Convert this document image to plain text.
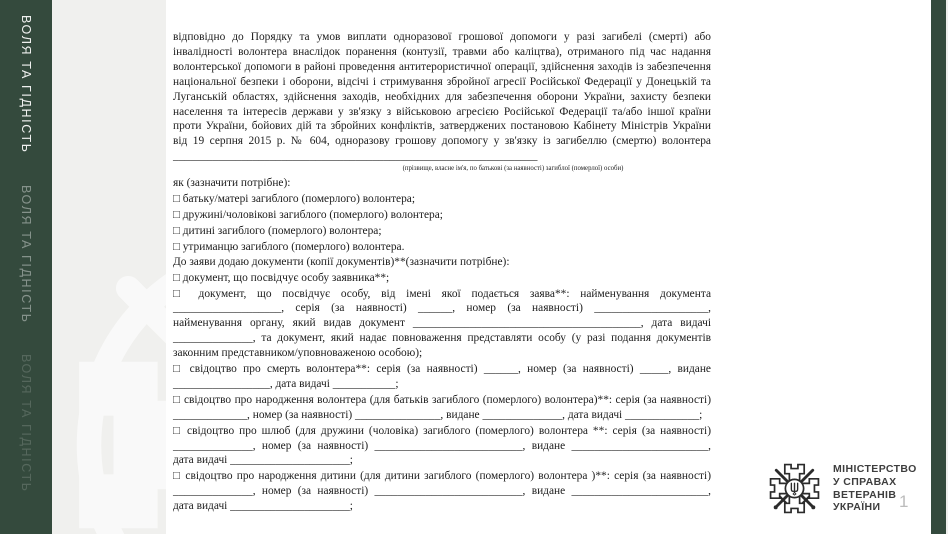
відповідно до Порядку та умов виплати одноразової грошової допомоги у разі загибелі (смерті) або інвалідності волонтера внаслідок поранення (контузії, травми або каліцтва), отриманого під час надання волонтерської допомоги в районі проведення антитерористичної операції, здійснення заходів із забезпечення національної безпеки і оборони, відсічі і стримування збройної агресії Російської Федерації у Донецькій та Луганській областях, здійснення заходів, необхідних для забезпечення оборони України, захисту безпеки населення та інтересів держави у зв'язку з військовою агресією Російської Федерації та/або іншої країни проти України, бойових дій та збройних конфліктів, затверджених постановою Кабінету Міністрів України від 19 серпня 2015 р. № 604, одноразову грошову допомогу у зв'язку із загибеллю (смертю) волонтера ________________________________________________________________
(прізвище, власне ім'я, по батькові (за наявності) загиблої (померлої) особи)
як (зазначити потрібне):
□ батьку/матері загиблого (померлого) волонтера;
□ дружині/чоловікові загиблого (померлого) волонтера;
□ дитині загиблого (померлого) волонтера;
□ утриманцю загиблого (померлого) волонтера.
До заяви додаю документи (копії документів)**(зазначити потрібне):
□ документ, що посвідчує особу заявника**;
□ документ, що посвідчує особу, від імені якої подається заява**: найменування документа ___________________, серія (за наявності) ______, номер (за наявності) ____________________, найменування органу, який видав документ ________________________________________, дата видачі ______________, та документ, який надає повноваження представляти особу (у разі подання документів законним представником/уповноваженою особою);
□ свідоцтво про смерть волонтера**: серія (за наявності) ______, номер (за наявності) _____, видане _________________, дата видачі ___________;
□ свідоцтво про народження волонтера (для батьків загиблого (померлого) волонтера)**: серія (за наявності) _____________, номер (за наявності) _______________, видане ______________, дата видачі _____________;
□ свідоцтво про шлюб (для дружини (чоловіка) загиблого (померлого) волонтера **: серія (за наявності) ______________, номер (за наявності) __________________________, видане ________________________, дата видачі _____________________;
□ свідоцтво про народження дитини (для дитини загиблого (померлого) волонтера )**: серія (за наявності) ______________, номер (за наявності) __________________________, видане ________________________, дата видачі _____________________;
МІНІСТЕРСТВО
У СПРАВАХ
ВЕТЕРАНІВ
УКРАЇНИ	1
ВОЛЯ ТА ГІДНІСТЬ
ВОЛЯ ТА ГІДНІСТЬ
ВОЛЯ ТА ГІДНІСТЬ
